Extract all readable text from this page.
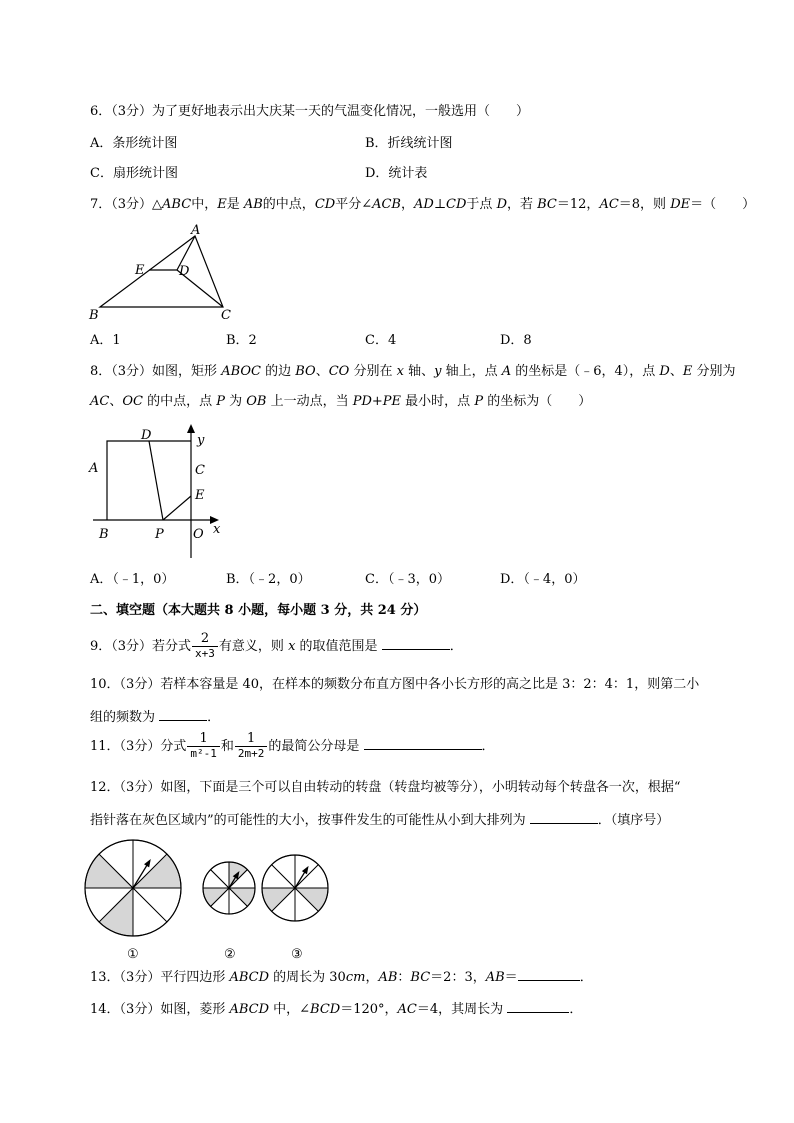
6．（3分）为了更好地表示出大庆某一天的气温变化情况，一般选用（　　）
A．条形统计图	B．折线统计图
C．扇形统计图	D．统计表
7．（3分）△ABC中，E是 AB的中点，CD平分∠ACB，AD⊥CD于点 D，若 BC＝12，AC＝8，则 DE＝（　　）
A
B	C
D
E
A．1	B．2	C．4	D．8
8．（3分）如图，矩形 ABOC 的边 BO、CO 分别在 x 轴、y 轴上，点 A 的坐标是（﹣6，4），点 D、E 分别为
AC、OC 的中点，点 P 为 OB 上一动点，当 PD+PE 最小时，点 P 的坐标为（　　）
y
A
D
C
E
B	P O x
A．（﹣1，0）	B．（﹣2，0）	C．（﹣3，0）	D．（﹣4，0）
二、填空题（本大题共 8 小题，每小题 3 分，共 24 分）
9．（3分）若分式 $\frac{2}{x+3}$ 有意义，则 x 的取值范围是	．
10．（3分）若样本容量是 40，在样本的频数分布直方图中各小长方形的高之比是 3：2：4：1，则第二小
组的频数为	．
11．（3分）分式 $\frac{1}{\text{m²-1}}$ 和 $\frac{1}{2m+2}$ 的最简公分母是	．
12．（3分）如图，下面是三个可以自由转动的转盘（转盘均被等分），小明转动每个转盘各一次，根据“
指针落在灰色区域内”的可能性的大小，按事件发生的可能性从小到大排列为	．（填序号）
①	②	③
13．（3分）平行四边形 ABCD 的周长为 30cm，AB：BC＝2：3，AB＝	．
14．（3分）如图，菱形 ABCD 中，∠BCD＝120°，AC＝4，其周长为	．
